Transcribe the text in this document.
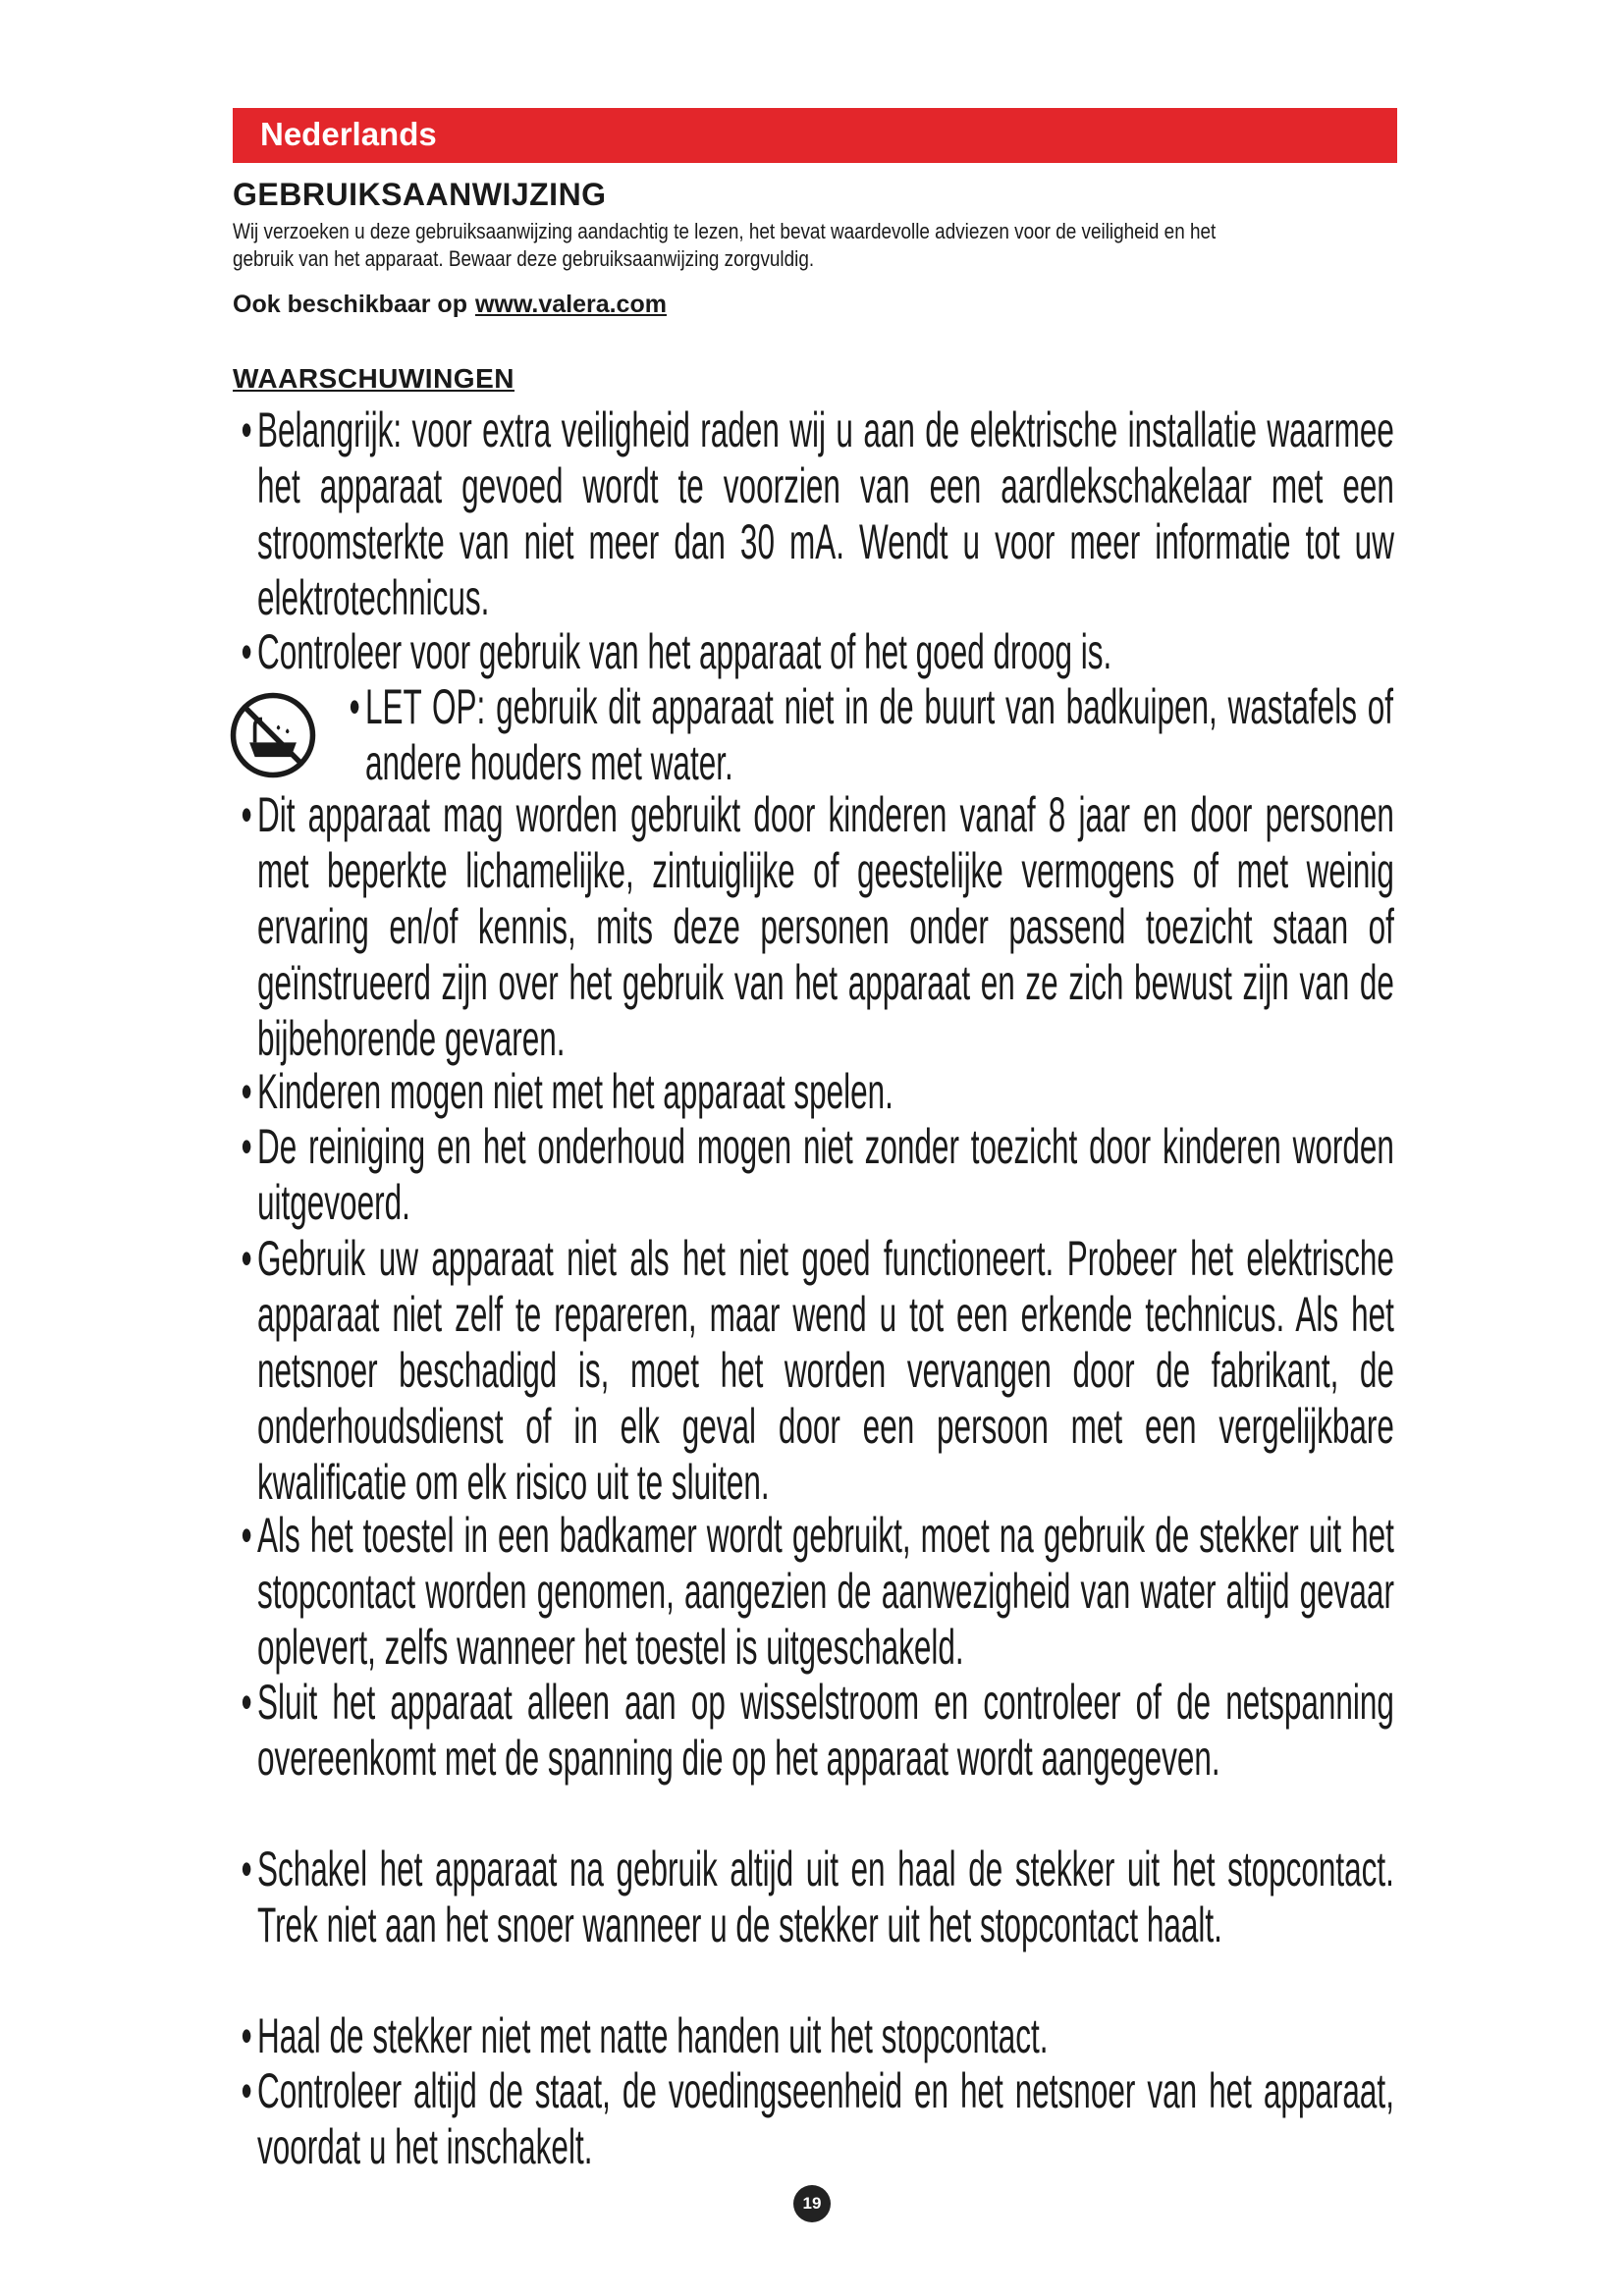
Nederlands
GEBRUIKSAANWIJZING
Wij verzoeken u deze gebruiksaanwijzing aandachtig te lezen, het bevat waardevolle adviezen voor de veiligheid en het gebruik van het apparaat. Bewaar deze gebruiksaanwijzing zorgvuldig.
Ook beschikbaar op www.valera.com
WAARSCHUWINGEN
• Belangrijk: voor extra veiligheid raden wij u aan de elektrische installatie waarmee het apparaat gevoed wordt te voorzien van een aardlekschakelaar met een stroomsterkte van niet meer dan 30 mA. Wendt u voor meer informatie tot uw elektrotechnicus.
• Controleer voor gebruik van het apparaat of het goed droog is.
• LET OP: gebruik dit apparaat niet in de buurt van badkuipen, wastafels of andere houders met water.
• Dit apparaat mag worden gebruikt door kinderen vanaf 8 jaar en door personen met beperkte lichamelijke, zintuiglijke of geestelijke vermogens of met weinig ervaring en/of kennis, mits deze personen onder passend toezicht staan of geïnstrueerd zijn over het gebruik van het apparaat en ze zich bewust zijn van de bijbehorende gevaren.
• Kinderen mogen niet met het apparaat spelen.
• De reiniging en het onderhoud mogen niet zonder toezicht door kinderen worden uitgevoerd.
• Gebruik uw apparaat niet als het niet goed functioneert. Probeer het elektrische apparaat niet zelf te repareren, maar wend u tot een erkende technicus. Als het netsnoer beschadigd is, moet het worden vervangen door de fabrikant, de onderhoudsdienst of in elk geval door een persoon met een vergelijkbare kwalificatie om elk risico uit te sluiten.
• Als het toestel in een badkamer wordt gebruikt, moet na gebruik de stekker uit het stopcontact worden genomen, aangezien de aanwezigheid van water altijd gevaar oplevert, zelfs wanneer het toestel is uitgeschakeld.
• Sluit het apparaat alleen aan op wisselstroom en controleer of de netspanning overeenkomt met de spanning die op het apparaat wordt aangegeven.
• Schakel het apparaat na gebruik altijd uit en haal de stekker uit het stopcontact. Trek niet aan het snoer wanneer u de stekker uit het stopcontact haalt.
• Haal de stekker niet met natte handen uit het stopcontact.
• Controleer altijd de staat, de voedingseenheid en het netsnoer van het apparaat, voordat u het inschakelt.
19
